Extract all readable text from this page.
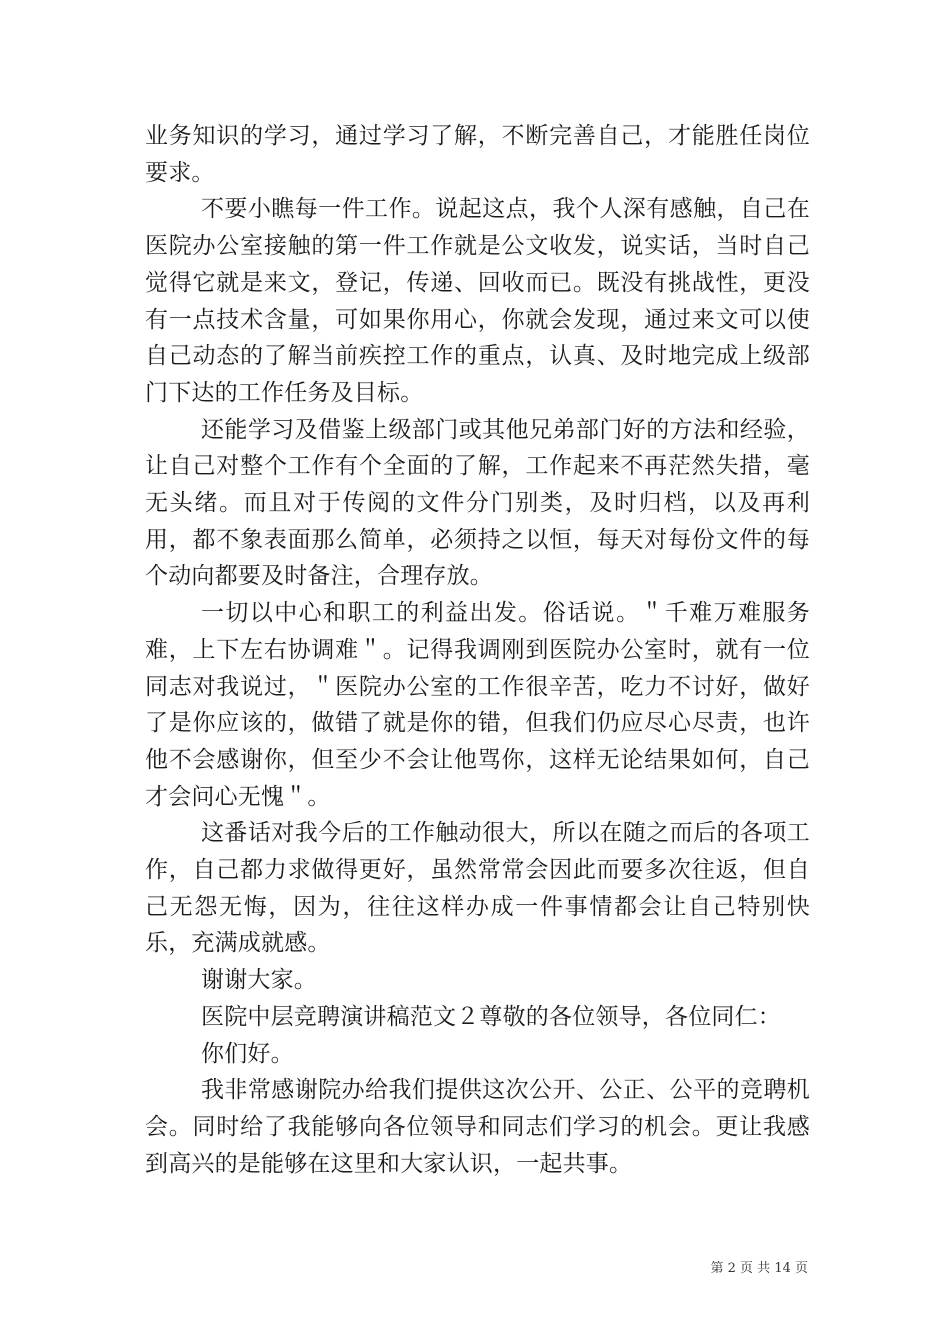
业务知识的学习，通过学习了解，不断完善自己，才能胜任岗位要求。

不要小瞧每一件工作。说起这点，我个人深有感触，自己在医院办公室接触的第一件工作就是公文收发，说实话，当时自己觉得它就是来文，登记，传递、回收而已。既没有挑战性，更没有一点技术含量，可如果你用心，你就会发现，通过来文可以使自己动态的了解当前疾控工作的重点，认真、及时地完成上级部门下达的工作任务及目标。

还能学习及借鉴上级部门或其他兄弟部门好的方法和经验，让自己对整个工作有个全面的了解，工作起来不再茫然失措，毫无头绪。而且对于传阅的文件分门别类，及时归档，以及再利用，都不象表面那么简单，必须持之以恒，每天对每份文件的每个动向都要及时备注，合理存放。

一切以中心和职工的利益出发。俗话说。＂千难万难服务难，上下左右协调难＂。记得我调刚到医院办公室时，就有一位同志对我说过，＂医院办公室的工作很辛苦，吃力不讨好，做好了是你应该的，做错了就是你的错，但我们仍应尽心尽责，也许他不会感谢你，但至少不会让他骂你，这样无论结果如何，自己才会问心无愧＂。

这番话对我今后的工作触动很大，所以在随之而后的各项工作，自己都力求做得更好，虽然常常会因此而要多次往返，但自己无怨无悔，因为，往往这样办成一件事情都会让自己特别快乐，充满成就感。

谢谢大家。

医院中层竞聘演讲稿范文２尊敬的各位领导，各位同仁：

你们好。

我非常感谢院办给我们提供这次公开、公正、公平的竞聘机会。同时给了我能够向各位领导和同志们学习的机会。更让我感到高兴的是能够在这里和大家认识，一起共事。

第 2 页 共 14 页
